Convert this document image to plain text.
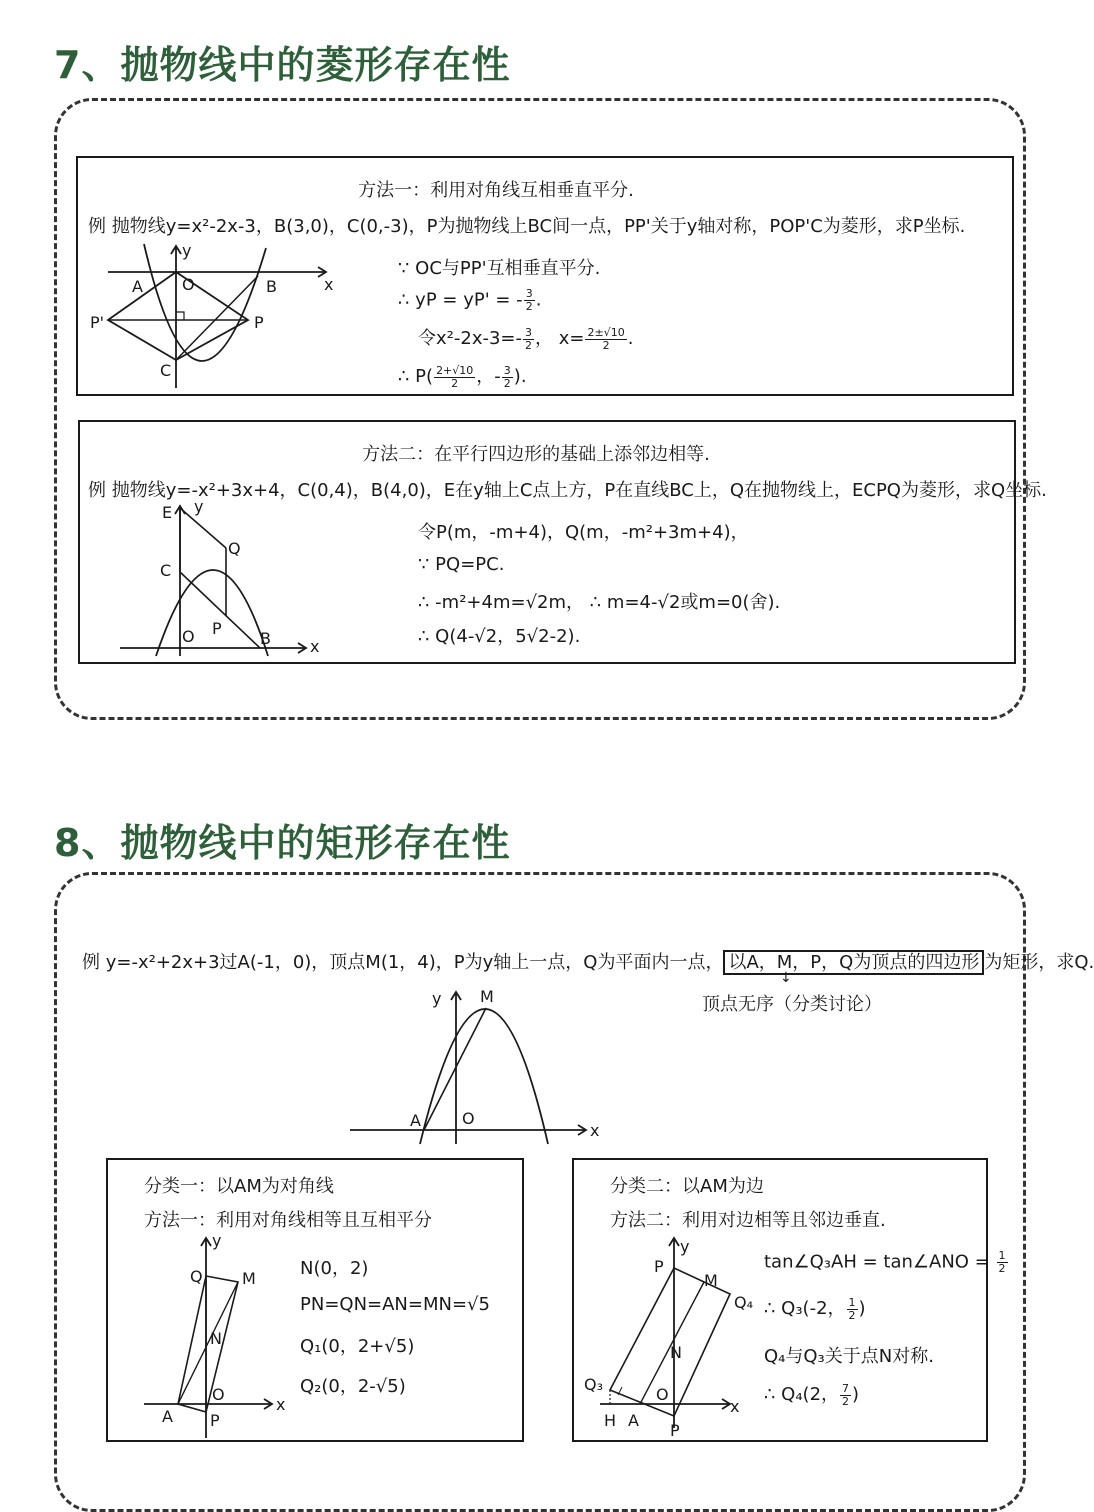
7、抛物线中的菱形存在性
方法一：利用对角线互相垂直平分.
例 抛物线y=x²-2x-3，B(3,0)，C(0,-3)，P为抛物线上BC间一点，PP'关于y轴对称，POP'C为菱形，求P坐标.
y
x
A O	B
P'	P
C
∵ OC与PP'互相垂直平分.
∴ yP = yP' = - $\frac{3}{2}$ .
令$x^2-2x-3=- \frac{3}{2}$ ， $x= \frac{2\pm√10}{2}$ .
∴ $P( \frac{2+√10}{2}$ ，- $\frac{3}{2}$ ).
方法二：在平行四边形的基础上添邻边相等.
例 抛物线y=-x²+3x+4，C(0,4)，B(4,0)，E在y轴上C点上方，P在直线BC上，Q在抛物线上，ECPQ为菱形，求Q坐标.
E y
Q
C
O P
B x
令P(m，-m+4)，Q(m，-m²+3m+4)，
∵ PQ=PC.
∴ -m²+4m=√2m， ∴ m=4-√2或m=0(舍).
∴ Q(4-√2，5√2-2).
8、抛物线中的矩形存在性
例 y=-x²+2x+3过A(-1，0)，顶点M(1，4)，P为y轴上一点，Q为平面内一点， 以A，M，P，Q为顶点的四边形 为矩形，求Q.
↓
顶点无序（分类讨论）
y M
A	O
x
分类一：以AM为对角线
方法一：利用对角线相等且互相平分
y
Q M
N
O
A P
x
N(0，2)
PN=QN=AN=MN=√5
Q₁(0，2+√5)
Q₂(0，2-√5)
分类二：以AM为边
方法二：利用对边相等且邻边垂直.
P
y
M
Q₄
N
Q₃
O
H A
P
x
tan∠Q₃AH = tan∠ANO = $\frac{1}{2}$
∴ Q₃(-2， $\frac{1}{2}$ )
Q₄与Q₃关于点N对称.
∴ Q₄(2， $\frac{7}{2}$ )
